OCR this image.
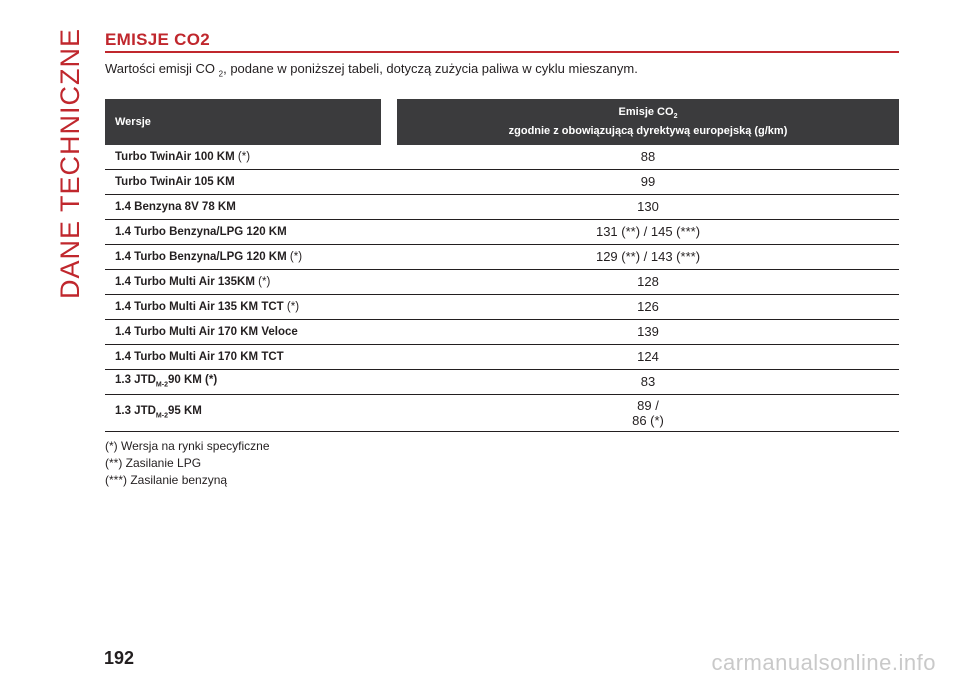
DANE TECHNICZNE EMISJE CO2
Wartości emisji CO $_2$, podane w poniższej tabeli, dotyczą zużycia paliwa w cyklu mieszanym.
Wersje		Emisje $CO_2$
zgodnie z obowiązującą dyrektywą europejską (g/km)
Turbo TwinAir 100 KM (*)		88
Turbo TwinAir 105 KM		99
1.4 Benzyna 8V 78 KM		130
1.4 Turbo Benzyna/LPG 120 KM		131 (**) / 145 (***)
1.4 Turbo Benzyna/LPG 120 KM (*)		129 (**) / 143 (***)
1.4 Turbo Multi Air 135KM (*)		128
1.4 Turbo Multi Air 135 KM TCT (*)		126
1.4 Turbo Multi Air 170 KM Veloce		139
1.4 Turbo Multi Air 170 KM TCT		124
1.3 $JTD_{M-2}90$ KM (*)		83
1.3 $JTD_{M-2}95$ KM		89 /
86 (*)
(*) Wersja na rynki specyficzne
(**) Zasilanie LPG
(***) Zasilanie benzyną
192	carmanualsonline.info
